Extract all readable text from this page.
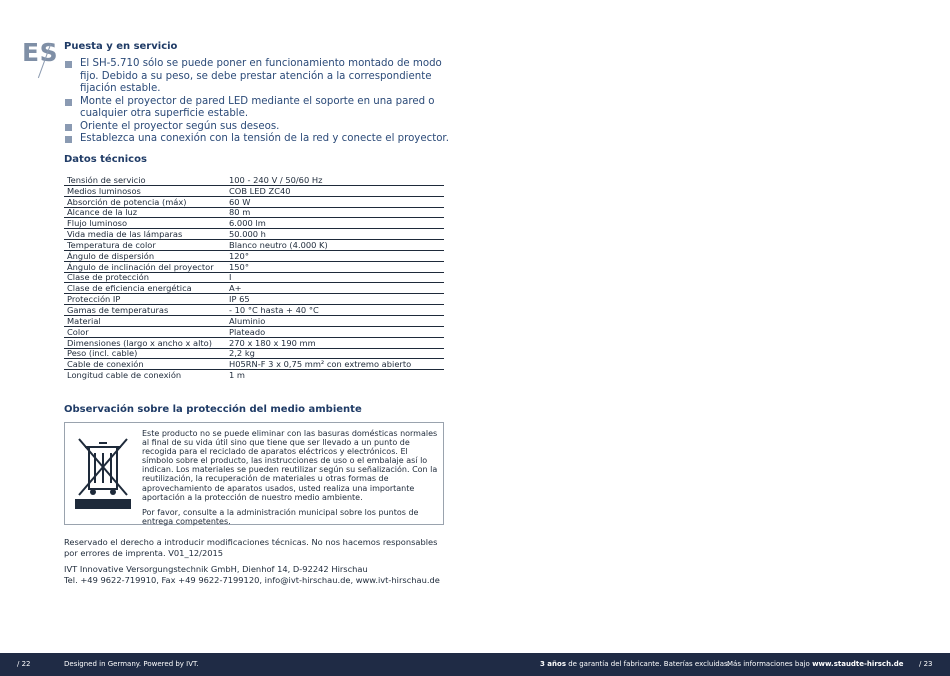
ES Puesta y en servicio
El SH-5.710 sólo se puede poner en funcionamiento montado de modo fijo. Debido a su peso, se debe prestar atención a la correspondiente fijación estable.
Monte el proyector de pared LED mediante el soporte en una pared o cualquier otra superficie estable.
Oriente el proyector según sus deseos.
Establezca una conexión con la tensión de la red y conecte el proyector.
Datos técnicos
Tensión de servicio	100 - 240 V / 50/60 Hz
Medios luminosos	COB LED ZC40
Absorción de potencia (máx)	60 W
Alcance de la luz	80 m
Flujo luminoso	6.000 lm
Vida media de las lámparas	50.000 h
Temperatura de color	Blanco neutro (4.000 K)
Ángulo de dispersión	120°
Ángulo de inclinación del proyector	150°
Clase de protección	I
Clase de eficiencia energética	A+
Protección IP	IP 65
Gamas de temperaturas	- 10 °C hasta + 40 °C
Material	Aluminio
Color	Plateado
Dimensiones (largo x ancho x alto)	270 x 180 x 190 mm
Peso (incl. cable)	2,2 kg
Cable de conexión	H05RN-F 3 x 0,75 mm² con extremo abierto
Longitud cable de conexión	1 m
Observación sobre la protección del medio ambiente

Este producto no se puede eliminar con las basuras domésticas normales al final de su vida útil sino que tiene que ser llevado a un punto de recogida para el reciclado de aparatos eléctricos y electrónicos. El símbolo sobre el producto, las instrucciones de uso o el embalaje así lo indican. Los materiales se pueden reutilizar según su señalización. Con la reutilización, la recuperación de materiales u otras formas de aprovechamiento de aparatos usados, usted realiza una importante aportación a la protección de nuestro medio ambiente.

Por favor, consulte a la administración municipal sobre los puntos de entrega competentes.

Reservado el derecho a introducir modificaciones técnicas. No nos hacemos responsables por errores de imprenta. V01_12/2015
IVT Innovative Versorgungstechnik GmbH, Dienhof 14, D-92242 Hirschau
Tel. +49 9622-719910, Fax +49 9622-7199120, info@ivt-hirschau.de, www.ivt-hirschau.de
/ 22	Designed in Germany. Powered by IVT.	3 años de garantía del fabricante. Baterías excluidas.
Más informaciones bajo www.staudte-hirsch.de / 23
